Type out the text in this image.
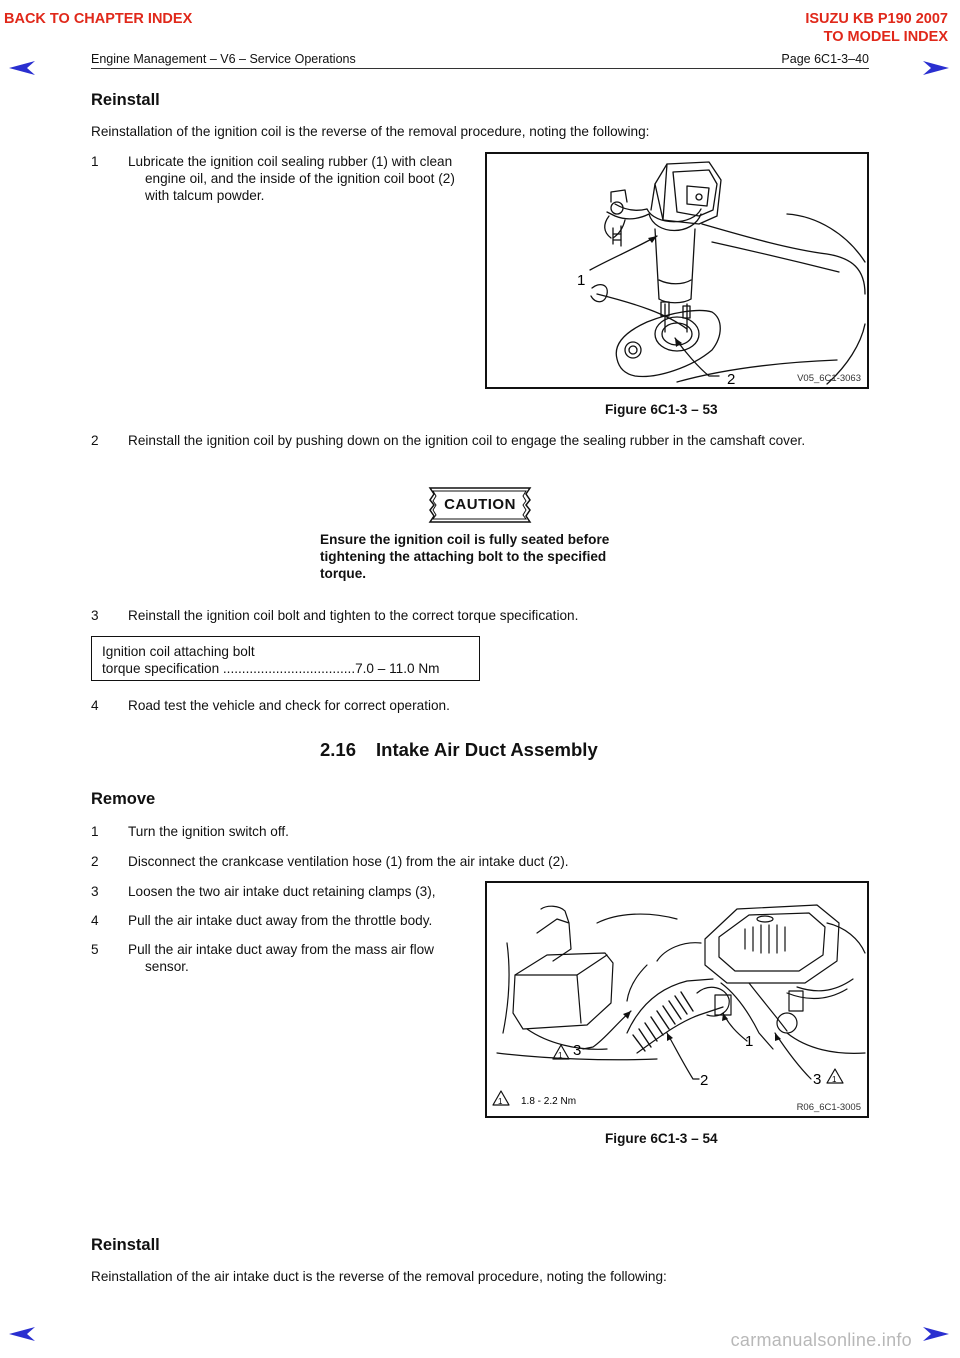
BACK TO CHAPTER INDEX	ISUZU KB P190 2007
TO MODEL INDEX
Engine Management – V6 – Service Operations	Page 6C1-3–40
Reinstall
Reinstallation of the ignition coil is the reverse of the removal procedure, noting the following:
1 Lubricate the ignition coil sealing rubber (1) with clean
engine oil, and the inside of the ignition coil boot (2)
with talcum powder.
1
2	V05_6C1-3063
Figure 6C1-3 – 53
2 Reinstall the ignition coil by pushing down on the ignition coil to engage the sealing rubber in the camshaft cover.
CAUTION
Ensure the ignition coil is fully seated before
tightening the attaching bolt to the specified
torque.
3 Reinstall the ignition coil bolt and tighten to the correct torque specification.
Ignition coil attaching bolt
torque specification ...................................7.0 – 11.0 Nm
4 Road test the vehicle and check for correct operation.
2.16 Intake Air Duct Assembly
Remove
1 Turn the ignition switch off.
2 Disconnect the crankcase ventilation hose (1) from the air intake duct (2).
3 Loosen the two air intake duct retaining clamps (3),
4 Pull the air intake duct away from the throttle body.
5 Pull the air intake duct away from the mass air flow
sensor.
1
1
1
3
3
1
2
1.8 - 2.2 Nm
R06_6C1-3005
Figure 6C1-3 – 54
Reinstall
Reinstallation of the air intake duct is the reverse of the removal procedure, noting the following:
carmanualsonline.info
